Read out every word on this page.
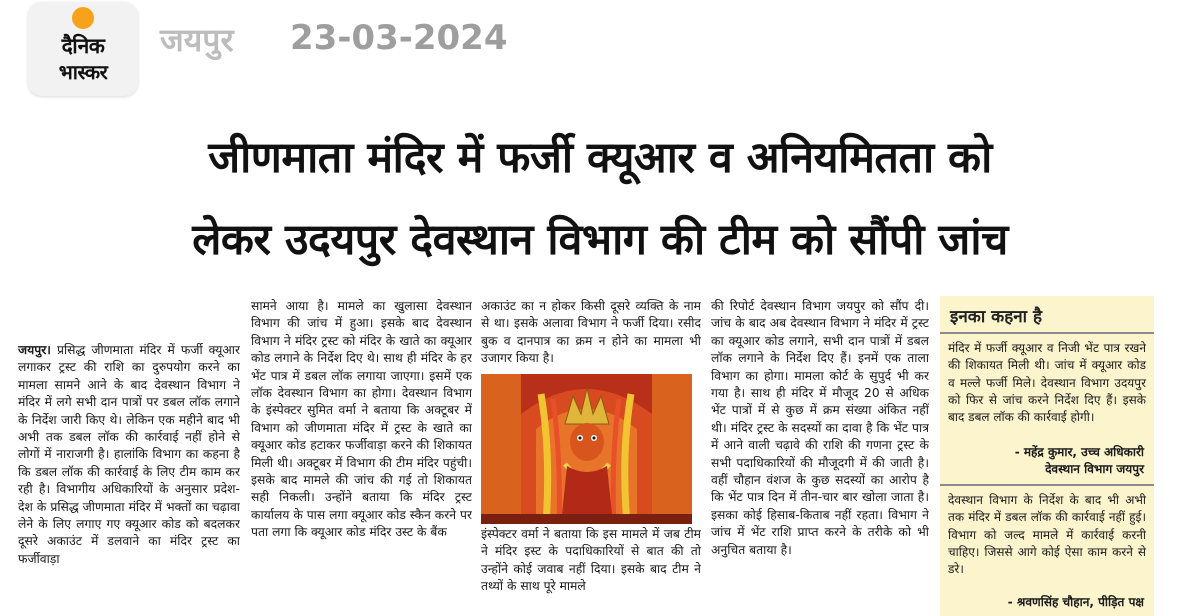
दैनिक
भास्कर
जयपुर 23-03-2024
जीणमाता मंदिर में फर्जी क्यूआर व अनियमितता को
लेकर उदयपुर देवस्थान विभाग की टीम को सौंपी जांच
जयपुर। प्रसिद्ध जीणमाता मंदिर में फर्जी क्यूआर लगाकर ट्रस्ट की राशि का दुरुपयोग करने का मामला सामने आने के बाद देवस्थान विभाग ने मंदिर में लगे सभी दान पात्रों पर डबल लॉक लगाने के निर्देश जारी किए थे। लेकिन एक महीने बाद भी अभी तक डबल लॉक की कार्रवाई नहीं होने से लोगों में नाराजगी है। हालांकि विभाग का कहना है कि डबल लॉक की कार्रवाई के लिए टीम काम कर रही है। विभागीय अधिकारियों के अनुसार प्रदेश-देश के प्रसिद्ध जीणमाता मंदिर में भक्तों का चढ़ावा लेने के लिए लगाए गए क्यूआर कोड को बदलकर दूसरे अकाउंट में डलवाने का मंदिर ट्रस्ट का फर्जीवाड़ा
सामने आया है। मामले का खुलासा देवस्थान विभाग की जांच में हुआ। इसके बाद देवस्थान विभाग ने मंदिर ट्रस्ट को मंदिर के खाते का क्यूआर कोड लगाने के निर्देश दिए थे। साथ ही मंदिर के हर भेंट पात्र में डबल लॉक लगाया जाएगा। इसमें एक लॉक देवस्थान विभाग का होगा। देवस्थान विभाग के इंस्पेक्टर सुमित वर्मा ने बताया कि अक्टूबर में विभाग को जीणमाता मंदिर में ट्रस्ट के खाते का क्यूआर कोड हटाकर फर्जीवाड़ा करने की शिकायत मिली थी। अक्टूबर में विभाग की टीम मंदिर पहुंची। इसके बाद मामले की जांच की गई तो शिकायत सही निकली। उन्होंने बताया कि मंदिर ट्रस्ट कार्यालय के पास लगा क्यूआर कोड स्कैन करने पर पता लगा कि क्यूआर कोड मंदिर उस्ट के बैंक
अकाउंट का न होकर किसी दूसरे व्यक्ति के नाम से था। इसके अलावा विभाग ने फर्जी दिया। रसीद बुक व दानपात्र का क्रम न होने का मामला भी उजागर किया है।
इंस्पेक्टर वर्मा ने बताया कि इस मामले में जब टीम ने मंदिर इस्ट के पदाधिकारियों से बात की तो उन्होंने कोई जवाब नहीं दिया। इसके बाद टीम ने तथ्यों के साथ पूरे मामले
की रिपोर्ट देवस्थान विभाग जयपुर को सौंप दी। जांच के बाद अब देवस्थान विभाग ने मंदिर में ट्रस्ट का क्यूआर कोड लगाने, सभी दान पात्रों में डबल लॉक लगाने के निर्देश दिए हैं। इनमें एक ताला विभाग का होगा। मामला कोर्ट के सुपुर्द भी कर गया है। साथ ही मंदिर में मौजूद 20 से अधिक भेंट पात्रों में से कुछ में क्रम संख्या अंकित नहीं थी। मंदिर ट्रस्ट के सदस्यों का दावा है कि भेंट पात्र में आने वाली चढ़ावे की राशि की गणना ट्रस्ट के सभी पदाधिकारियों की मौजूदगी में की जाती है। वहीं चौहान वंशज के कुछ सदस्यों का आरोप है कि भेंट पात्र दिन में तीन-चार बार खोला जाता है। इसका कोई हिसाब-किताब नहीं रहता। विभाग ने जांच में भेंट राशि प्राप्त करने के तरीके को भी अनुचित बताया है।
इनका कहना है
मंदिर में फर्जी क्यूआर व निजी भेंट पात्र रखने की शिकायत मिली थी। जांच में क्यूआर कोड व मल्ले फर्जी मिले। देवस्थान विभाग उदयपुर को फिर से जांच करने निर्देश दिए हैं। इसके बाद डबल लॉक की कार्रवाई होगी।
- महेंद्र कुमार, उच्च अधिकारी
देवस्थान विभाग जयपुर
देवस्थान विभाग के निर्देश के बाद भी अभी तक मंदिर में डबल लॉक की कार्रवाई नहीं हुई। विभाग को जल्द मामले में कार्रवाई करनी चाहिए। जिससे आगे कोई ऐसा काम करने से डरे।
- श्रवणसिंह चौहान, पीड़ित पक्ष
